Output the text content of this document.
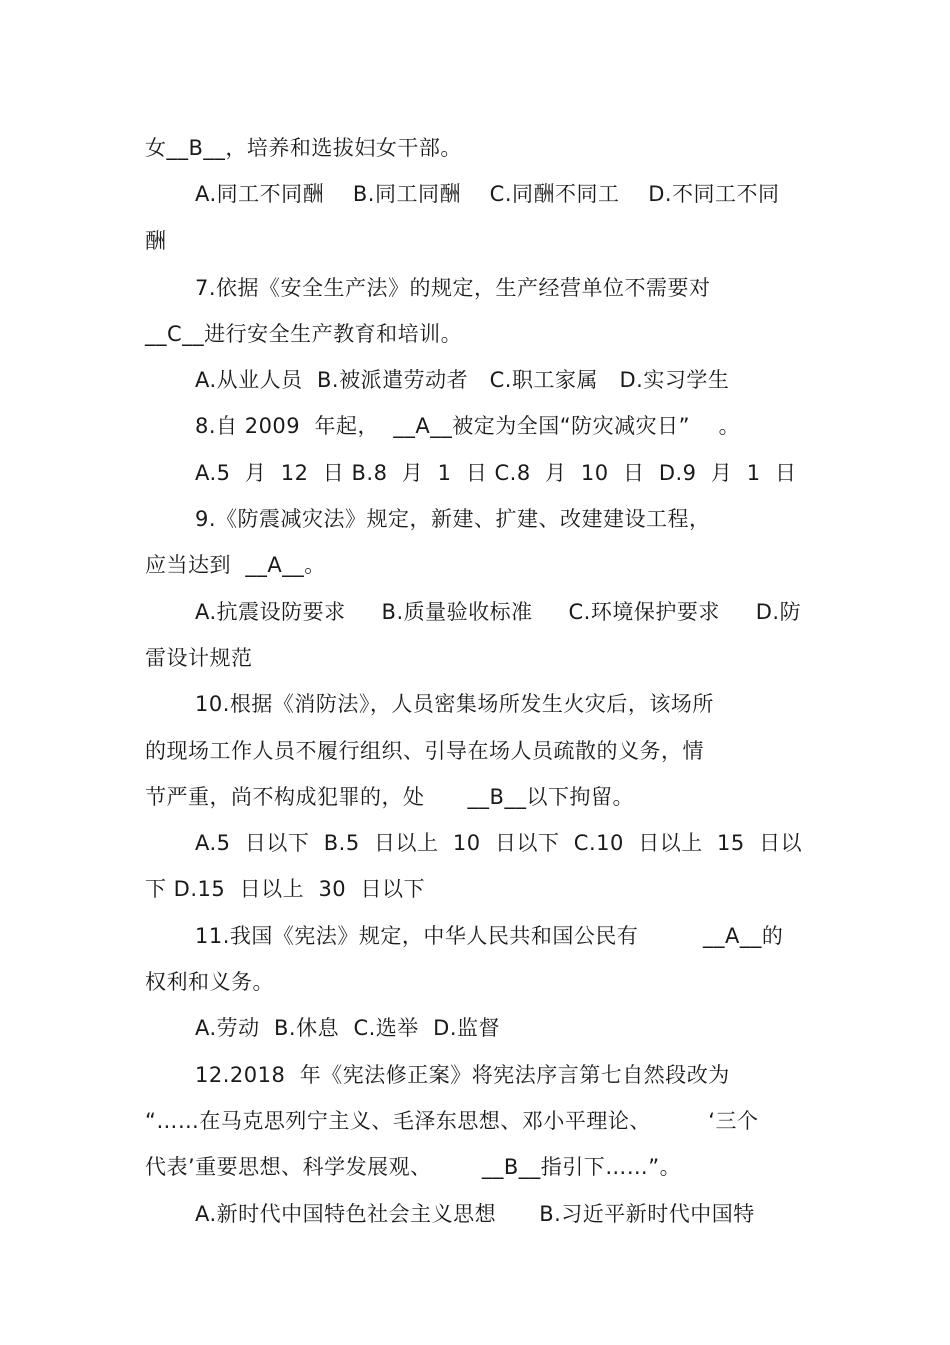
女__B__，培养和选拔妇女干部。
A.同工不同酬    B.同工同酬    C.同酬不同工    D.不同工不同
酬
7.依据《安全生产法》的规定，生产经营单位不需要对
__C__进行安全生产教育和培训。
A.从业人员  B.被派遣劳动者   C.职工家属   D.实习学生
8.自 2009  年起，  __A__被定为全国“防灾减灾日”    。
A.5  月  12  日 B.8  月  1  日 C.8  月  10  日  D.9  月  1  日
9.《防震减灾法》规定，新建、扩建、改建建设工程，
应当达到  __A__。
A.抗震设防要求     B.质量验收标准     C.环境保护要求     D.防
雷设计规范
10.根据《消防法》，人员密集场所发生火灾后，该场所
的现场工作人员不履行组织、引导在场人员疏散的义务，情
节严重，尚不构成犯罪的，处      __B__以下拘留。
A.5  日以下  B.5  日以上  10  日以下  C.10  日以上  15  日以
下 D.15  日以上  30  日以下
11.我国《宪法》规定，中华人民共和国公民有         __A__的
权利和义务。
A.劳动  B.休息  C.选举  D.监督
12.2018  年《宪法修正案》将宪法序言第七自然段改为
“……在马克思列宁主义、毛泽东思想、邓小平理论、        ‘三个
代表’重要思想、科学发展观、       __B__指引下……”。
A.新时代中国特色社会主义思想      B.习近平新时代中国特
